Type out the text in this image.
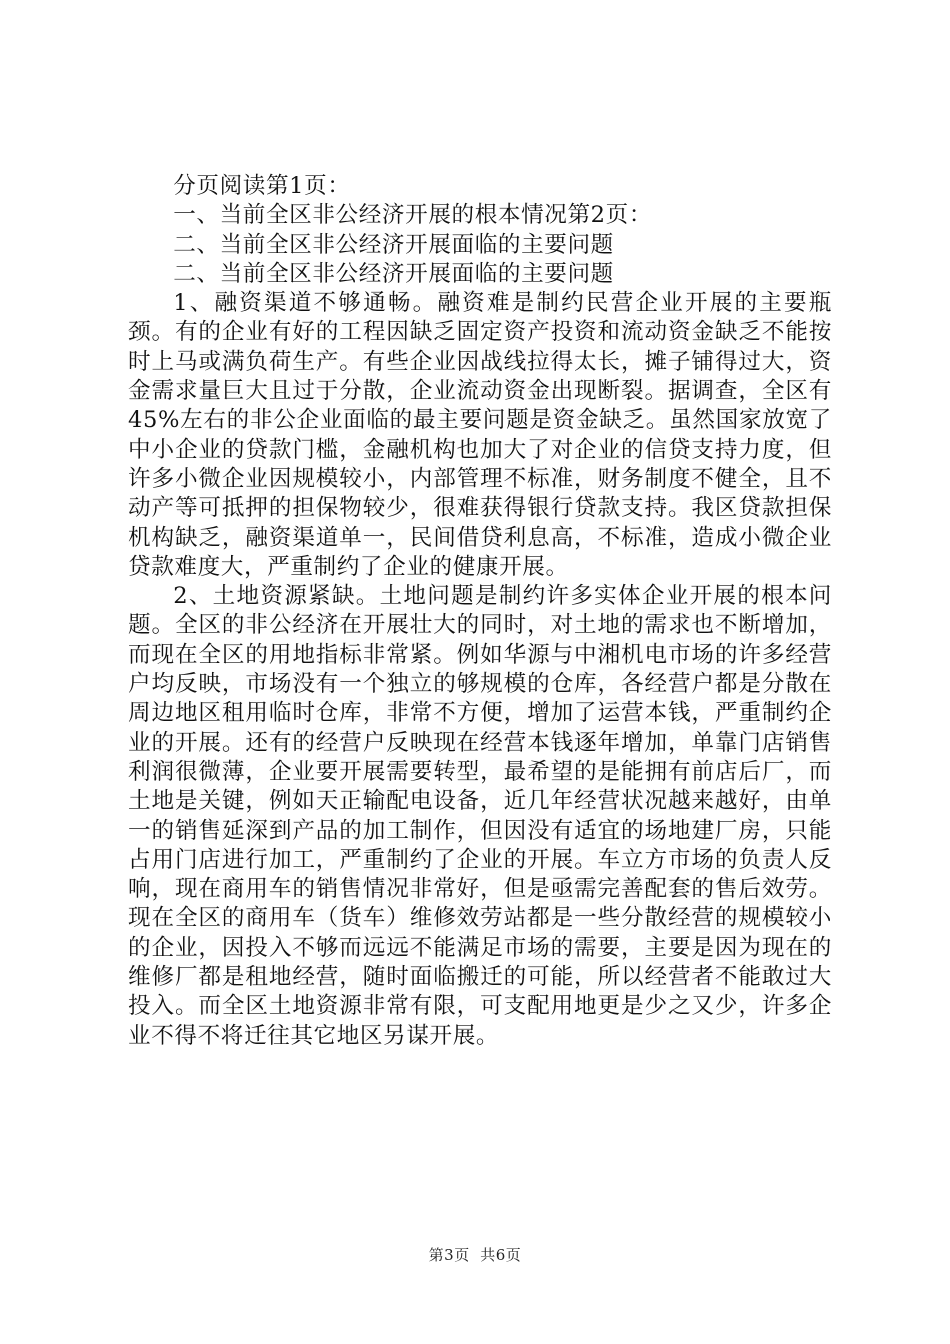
分页阅读第1页：

一、当前全区非公经济开展的根本情况第2页：

二、当前全区非公经济开展面临的主要问题

二、当前全区非公经济开展面临的主要问题

1、融资渠道不够通畅。融资难是制约民营企业开展的主要瓶颈。有的企业有好的工程因缺乏固定资产投资和流动资金缺乏不能按时上马或满负荷生产。有些企业因战线拉得太长，摊子铺得过大，资金需求量巨大且过于分散，企业流动资金出现断裂。据调查，全区有45%左右的非公企业面临的最主要问题是资金缺乏。虽然国家放宽了中小企业的贷款门槛，金融机构也加大了对企业的信贷支持力度，但许多小微企业因规模较小，内部管理不标准，财务制度不健全，且不动产等可抵押的担保物较少，很难获得银行贷款支持。我区贷款担保机构缺乏，融资渠道单一，民间借贷利息高，不标准，造成小微企业贷款难度大，严重制约了企业的健康开展。

2、土地资源紧缺。土地问题是制约许多实体企业开展的根本问题。全区的非公经济在开展壮大的同时，对土地的需求也不断增加，而现在全区的用地指标非常紧。例如华源与中湘机电市场的许多经营户均反映，市场没有一个独立的够规模的仓库，各经营户都是分散在周边地区租用临时仓库，非常不方便，增加了运营本钱，严重制约企业的开展。还有的经营户反映现在经营本钱逐年增加，单靠门店销售利润很微薄，企业要开展需要转型，最希望的是能拥有前店后厂，而土地是关键，例如天正输配电设备，近几年经营状况越来越好，由单一的销售延深到产品的加工制作，但因没有适宜的场地建厂房，只能占用门店进行加工，严重制约了企业的开展。车立方市场的负责人反响，现在商用车的销售情况非常好，但是亟需完善配套的售后效劳。现在全区的商用车（货车）维修效劳站都是一些分散经营的规模较小的企业，因投入不够而远远不能满足市场的需要，主要是因为现在的维修厂都是租地经营，随时面临搬迁的可能，所以经营者不能敢过大投入。而全区土地资源非常有限，可支配用地更是少之又少，许多企业不得不将迁往其它地区另谋开展。

第3页 共6页
